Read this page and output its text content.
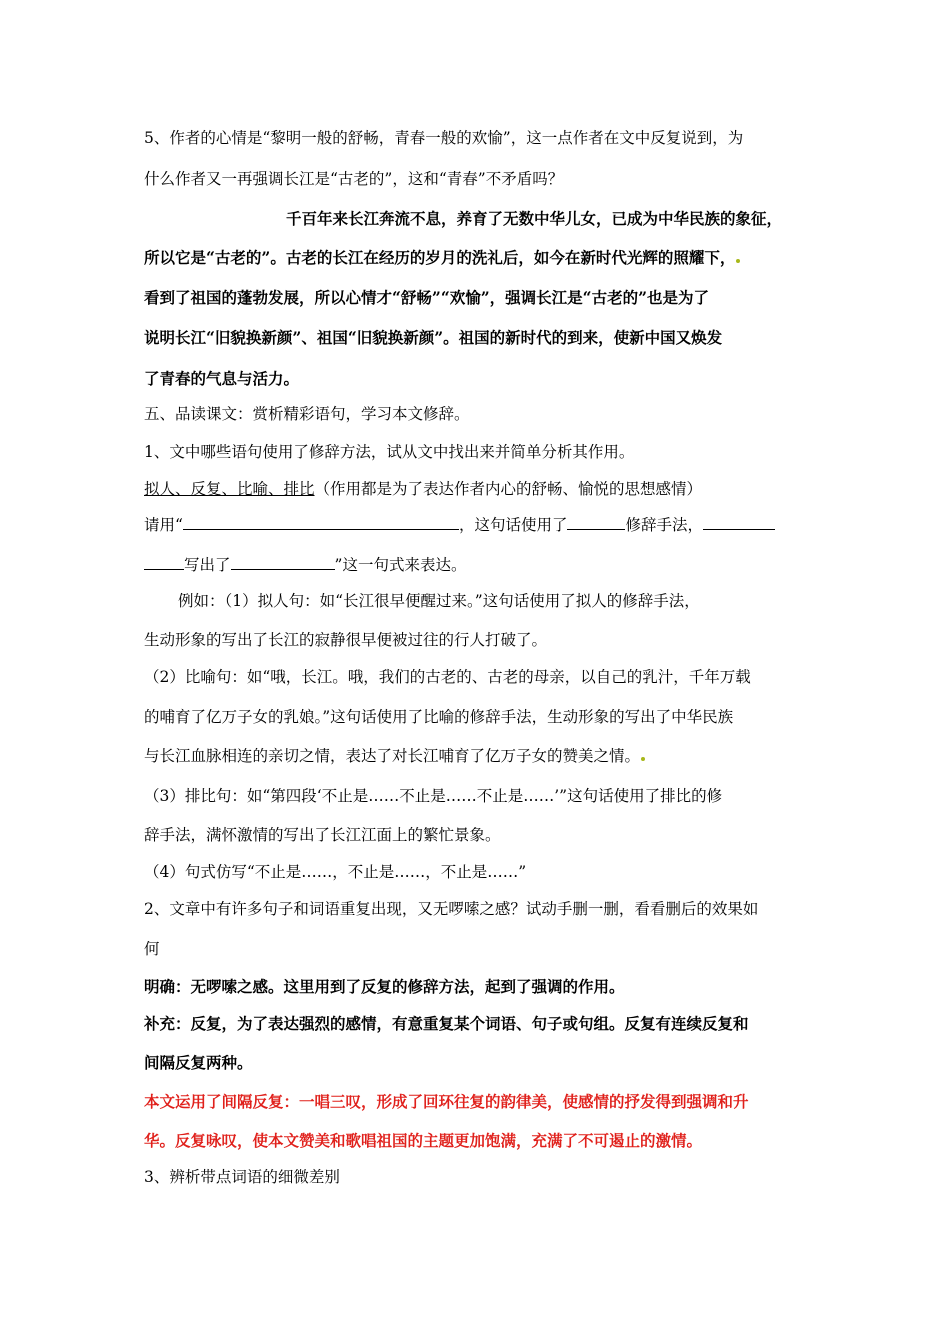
5、作者的心情是“黎明一般的舒畅，青春一般的欢愉”，这一点作者在文中反复说到，为
什么作者又一再强调长江是“古老的”，这和“青春”不矛盾吗？
千百年来长江奔流不息，养育了无数中华儿女，已成为中华民族的象征，
所以它是“古老的”。古老的长江在经历的岁月的洗礼后，如今在新时代光辉的照耀下，
看到了祖国的蓬勃发展，所以心情才“舒畅”“欢愉”，强调长江是“古老的”也是为了
说明长江“旧貌换新颜”、祖国“旧貌换新颜”。祖国的新时代的到来，使新中国又焕发
了青春的气息与活力。
五、品读课文：赏析精彩语句，学习本文修辞。
1、文中哪些语句使用了修辞方法，试从文中找出来并简单分析其作用。
拟人、反复、比喻、排比（作用都是为了表达作者内心的舒畅、愉悦的思想感情）
请用“	，这句话使用了	修辞手法，
写出了	”这一句式来表达。
例如：（1）拟人句：如“长江很早便醒过来。”这句话使用了拟人的修辞手法，
生动形象的写出了长江的寂静很早便被过往的行人打破了。
（2）比喻句：如“哦，长江。哦，我们的古老的、古老的母亲，以自己的乳汁，千年万载
的哺育了亿万子女的乳娘。”这句话使用了比喻的修辞手法，生动形象的写出了中华民族
与长江血脉相连的亲切之情，表达了对长江哺育了亿万子女的赞美之情。
（3）排比句：如“第四段‘不止是……不止是……不止是……’”这句话使用了排比的修
辞手法，满怀激情的写出了长江江面上的繁忙景象。
（4）句式仿写“不止是……，不止是……，不止是……”
2、文章中有许多句子和词语重复出现，又无啰嗦之感？试动手删一删，看看删后的效果如
何
明确：无啰嗦之感。这里用到了反复的修辞方法，起到了强调的作用。
补充：反复，为了表达强烈的感情，有意重复某个词语、句子或句组。反复有连续反复和
间隔反复两种。
本文运用了间隔反复：一唱三叹，形成了回环往复的韵律美，使感情的抒发得到强调和升
华。反复咏叹，使本文赞美和歌唱祖国的主题更加饱满，充满了不可遏止的激情。
3、辨析带点词语的细微差别
